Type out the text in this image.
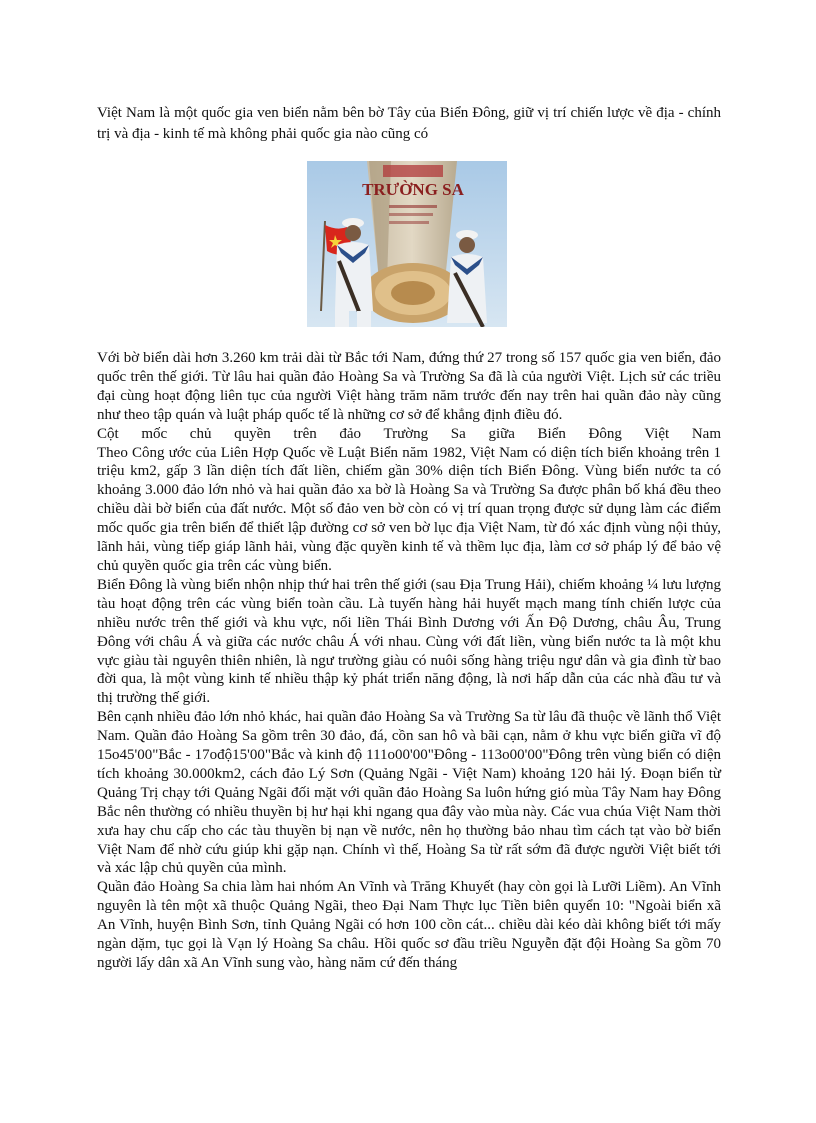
Việt Nam là một quốc gia ven biển nằm bên bờ Tây của Biển Đông, giữ vị trí chiến lược về địa - chính trị và địa - kinh tế mà không phải quốc gia nào cũng có

TRƯỜNG SA

Với bờ biển dài hơn 3.260 km trải dài từ Bắc tới Nam, đứng thứ 27 trong số 157 quốc gia ven biển, đảo quốc trên thế giới. Từ lâu hai quần đảo Hoàng Sa và Trường Sa đã là của người Việt. Lịch sử các triều đại cùng hoạt động liên tục của người Việt hàng trăm năm trước đến nay trên hai quần đảo này cũng như theo tập quán và luật pháp quốc tế là những cơ sở để khẳng định điều đó.

Cột mốc chủ quyền trên đảo Trường Sa giữa Biển Đông Việt Nam

Theo Công ước của Liên Hợp Quốc về Luật Biển năm 1982, Việt Nam có diện tích biển khoảng trên 1 triệu km2, gấp 3 lần diện tích đất liền, chiếm gần 30% diện tích Biển Đông. Vùng biển nước ta có khoảng 3.000 đảo lớn nhỏ và hai quần đảo xa bờ là Hoàng Sa và Trường Sa được phân bố khá đều theo chiều dài bờ biển của đất nước. Một số đảo ven bờ còn có vị trí quan trọng được sử dụng làm các điểm mốc quốc gia trên biển để thiết lập đường cơ sở ven bờ lục địa Việt Nam, từ đó xác định vùng nội thủy, lãnh hải, vùng tiếp giáp lãnh hải, vùng đặc quyền kinh tế và thềm lục địa, làm cơ sở pháp lý để bảo vệ chủ quyền quốc gia trên các vùng biển.

Biển Đông là vùng biển nhộn nhịp thứ hai trên thế giới (sau Địa Trung Hải), chiếm khoảng ¼ lưu lượng tàu hoạt động trên các vùng biển toàn cầu. Là tuyến hàng hải huyết mạch mang tính chiến lược của nhiều nước trên thế giới và khu vực, nối liền Thái Bình Dương với Ấn Độ Dương, châu Âu, Trung Đông với châu Á và giữa các nước châu Á với nhau. Cùng với đất liền, vùng biển nước ta là một khu vực giàu tài nguyên thiên nhiên, là ngư trường giàu có nuôi sống hàng triệu ngư dân và gia đình từ bao đời qua, là một vùng kinh tế nhiều thập kỷ phát triển năng động, là nơi hấp dẫn của các nhà đầu tư và thị trường thế giới.

Bên cạnh nhiều đảo lớn nhỏ khác, hai quần đảo Hoàng Sa và Trường Sa từ lâu đã thuộc về lãnh thổ Việt Nam. Quần đảo Hoàng Sa gồm trên 30 đảo, đá, cồn san hô và bãi cạn, nằm ở khu vực biển giữa vĩ độ 15o45'00"Bắc - 17ođộ15'00"Bắc và kinh độ 111o00'00"Đông - 113o00'00"Đông trên vùng biển có diện tích khoảng 30.000km2, cách đảo Lý Sơn (Quảng Ngãi - Việt Nam) khoảng 120 hải lý. Đoạn biển từ Quảng Trị chạy tới Quảng Ngãi đối mặt với quần đảo Hoàng Sa luôn hứng gió mùa Tây Nam hay Đông Bắc nên thường có nhiều thuyền bị hư hại khi ngang qua đây vào mùa này. Các vua chúa Việt Nam thời xưa hay chu cấp cho các tàu thuyền bị nạn về nước, nên họ thường bảo nhau tìm cách tạt vào bờ biển Việt Nam để nhờ cứu giúp khi gặp nạn. Chính vì thế, Hoàng Sa từ rất sớm đã được người Việt biết tới và xác lập chủ quyền của mình.

Quần đảo Hoàng Sa chia làm hai nhóm An Vĩnh và Trăng Khuyết (hay còn gọi là Lưỡi Liềm). An Vĩnh nguyên là tên một xã thuộc Quảng Ngãi, theo Đại Nam Thực lục Tiền biên quyển 10: "Ngoài biển xã An Vĩnh, huyện Bình Sơn, tỉnh Quảng Ngãi có hơn 100 cồn cát... chiều dài kéo dài không biết tới mấy ngàn dặm, tục gọi là Vạn lý Hoàng Sa châu. Hồi quốc sơ đầu triều Nguyễn đặt đội Hoàng Sa gồm 70 người lấy dân xã An Vĩnh sung vào, hàng năm cứ đến tháng
